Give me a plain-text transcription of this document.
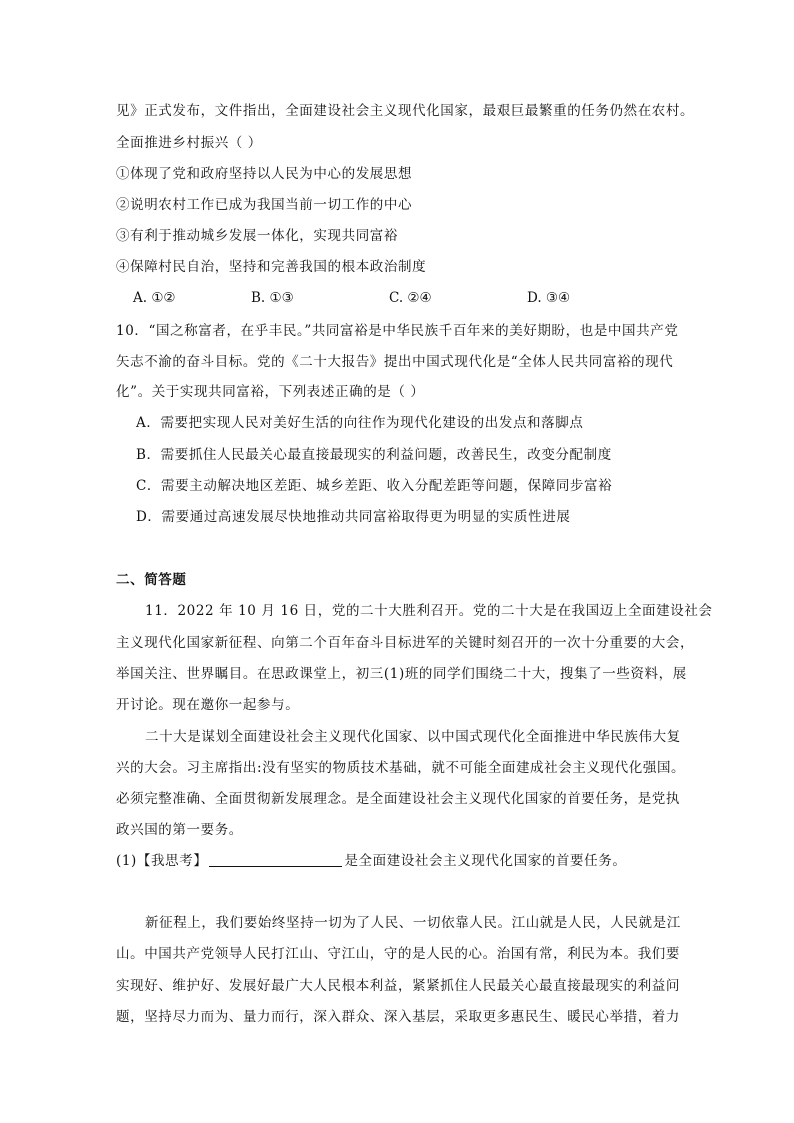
见》正式发布，文件指出，全面建设社会主义现代化国家，最艰巨最繁重的任务仍然在农村。
全面推进乡村振兴（ ）
①体现了党和政府坚持以人民为中心的发展思想
②说明农村工作已成为我国当前一切工作的中心
③有利于推动城乡发展一体化，实现共同富裕
④保障村民自治，坚持和完善我国的根本政治制度
A. ①②	B. ①③	C. ②④	D. ③④
10．“国之称富者，在乎丰民。”共同富裕是中华民族千百年来的美好期盼，也是中国共产党
矢志不渝的奋斗目标。党的《二十大报告》提出中国式现代化是“全体人民共同富裕的现代
化”。关于实现共同富裕，下列表述正确的是（ ）
A．需要把实现人民对美好生活的向往作为现代化建设的出发点和落脚点
B．需要抓住人民最关心最直接最现实的利益问题，改善民生，改变分配制度
C．需要主动解决地区差距、城乡差距、收入分配差距等问题，保障同步富裕
D．需要通过高速发展尽快地推动共同富裕取得更为明显的实质性进展
二、简答题
11．2022 年 10 月 16 日，党的二十大胜利召开。党的二十大是在我国迈上全面建设社会
主义现代化国家新征程、向第二个百年奋斗目标进军的关键时刻召开的一次十分重要的大会，
举国关注、世界瞩目。在思政课堂上，初三(1)班的同学们围绕二十大，搜集了一些资料，展
开讨论。现在邀你一起参与。
二十大是谋划全面建设社会主义现代化国家、以中国式现代化全面推进中华民族伟大复
兴的大会。习主席指出:没有坚实的物质技术基础，就不可能全面建成社会主义现代化强国。
必须完整准确、全面贯彻新发展理念。是全面建设社会主义现代化国家的首要任务，是党执
政兴国的第一要务。
(1)【我思考】	是全面建设社会主义现代化国家的首要任务。
新征程上，我们要始终坚持一切为了人民、一切依靠人民。江山就是人民，人民就是江
山。中国共产党领导人民打江山、守江山，守的是人民的心。治国有常，利民为本。我们要
实现好、维护好、发展好最广大人民根本利益，紧紧抓住人民最关心最直接最现实的利益问
题，坚持尽力而为、量力而行，深入群众、深入基层，采取更多惠民生、暖民心举措，着力
